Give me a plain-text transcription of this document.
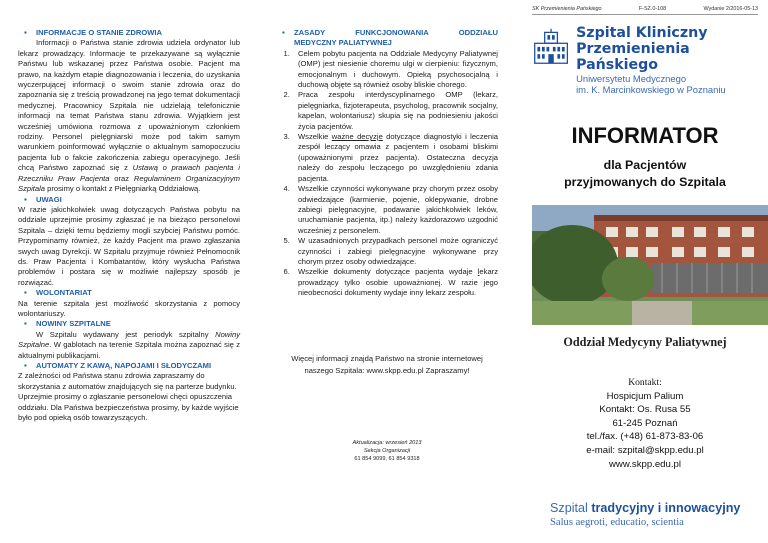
▪ INFORMACJE O STANIE ZDROWIA

Informacji o Państwa stanie zdrowia udziela ordynator lub lekarz prowadzący. Informacje te przekazywane są wyłącznie Państwu lub wskazanej przez Państwa osobie. Pacjent ma prawo, na każdym etapie diagnozowania i leczenia, do uzyskania wyczerpującej informacji o swoim stanie zdrowia oraz do zapoznania się z treścią prowadzonej na jego temat dokumentacji medycznej. Pracownicy Szpitala nie udzielają telefonicznie informacji na temat Państwa stanu zdrowia. Wyjątkiem jest wcześniej umówiona rozmowa z upoważnionym członkiem rodziny. Personel pielęgniarski może pod takim samym warunkiem poinformować wyłącznie o aktualnym samopoczuciu pacjenta lub o fakcie zakończenia zabiegu operacyjnego. Jeśli chcą Państwo zapoznać się z Ustawą o prawach pacjenta i Rzeczniku Praw Pacjenta oraz Regulaminem Organizacyjnym Szpitala prosimy o kontakt z Pielęgniarką Oddziałową.

▪ UWAGI

W razie jakichkolwiek uwag dotyczących Państwa pobytu na oddziale uprzejmie prosimy zgłaszać je na bieżąco personelowi Szpitala – dzięki temu będziemy mogli szybciej Państwu pomóc. Przypominamy również, że każdy Pacjent ma prawo zgłaszania swych uwag Dyrekcji. W Szpitalu przyjmuje również Pełnomocnik ds. Praw Pacjenta i Kombatantów, który wysłucha Państwa problemów i postara się w możliwie najlepszy sposób je rozwiązać.

▪ WOLONTARIAT

Na terenie szpitala jest możliwość skorzystania z pomocy wolontariuszy.

▪ NOWINY SZPITALNE

W Szpitalu wydawany jest periodyk szpitalny Nowiny Szpitalne. W gablotach na terenie Szpitala można zapoznać się z aktualnymi publikacjami.

▪ AUTOMATY Z KAWĄ, NAPOJAMI I SŁODYCZAMI

Z zależności od Państwa stanu zdrowia zapraszamy do skorzystania z automatów znajdujących się na parterze budynku. Uprzejmie prosimy o zgłaszanie personelowi chęci opuszczenia oddziału. Dla Państwa bezpieczeństwa prosimy, by każde wyjście było pod opieką osób towarzyszących.

▪ ZASADY	FUNKCJONOWANIA	ODDZIAŁU

MEDYCZNY PALIATYWNEJ

1. Celem pobytu pacjenta na Oddziale Medycyny Paliatywnej (OMP) jest niesienie choremu ulgi w cierpieniu: fizycznym, emocjonalnym i duchowym. Opieką psychosocjalną i duchową objęte są również osoby bliskie chorego.
2. Praca zespołu interdyscyplinarnego OMP (lekarz, pielęgniarka, fizjoterapeuta, psycholog, pracownik socjalny, kapelan, wolontariusz) skupia się na podniesieniu jakości życia pacjentów.
3. Wszelkie ważne decyzje dotyczące diagnostyki i leczenia zespół leczący omawia z pacjentem i osobami bliskimi (upoważnionymi przez pacjenta). Ostateczna decyzja należy do zespołu leczącego po uwzględnieniu zdania pacjenta.
4. Wszelkie czynności wykonywane przy chorym przez osoby odwiedzające (karmienie, pojenie, oklepywanie, drobne zabiegi pielęgnacyjne, podawanie jakichkolwiek leków, uruchamianie pacjenta, itp.) należy każdorazowo uzgodnić wcześniej z personelem.
5. W uzasadnionych przypadkach personel może ograniczyć czynności i zabiegi pielęgnacyjne wykonywane przy chorym przez osoby odwiedzające.
6. Wszelkie dokumenty dotyczące pacjenta wydaje lekarz prowadzący tylko osobie upoważnionej. W razie jego nieobecności dokumenty wydaje inny lekarz zespołu.
Więcej informacji znajdą Państwo na stronie internetowej naszego Szpitala: www.skpp.edu.pl Zapraszamy!
Aktualizacja: wrzesień 2013
Sekcja Organizacji
61 854 9099, 61 854 9318
SK Przemienienia Pańskiego	F-SZ.0-108	Wydanie 2/2016-05-13
Szpital Kliniczny
Przemienienia Pańskiego
Uniwersytetu Medycznego
im. K. Marcinkowskiego w Poznaniu
INFORMATOR
dla Pacjentów
przyjmowanych do Szpitala
Oddział Medycyny Paliatywnej
Kontakt:
Hospicjum Palium
Kontakt: Os. Rusa 55
61-245 Poznań
tel./fax. (+48) 61-873-83-06
e-mail: szpital@skpp.edu.pl
www.skpp.edu.pl
Szpital tradycyjny i innowacyjny
Salus aegroti, educatio, scientia
